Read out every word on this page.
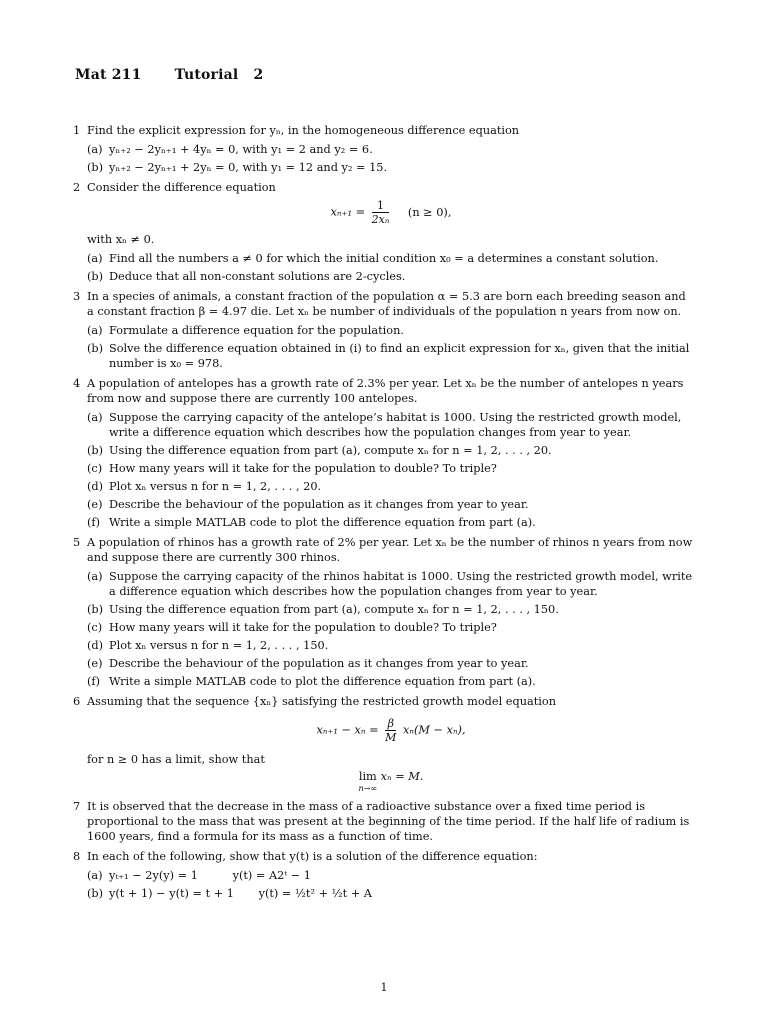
Mat 211 Tutorial 2
1 Find the explicit expression for yₙ, in the homogeneous difference equation
(a) yₙ₊₂ − 2yₙ₊₁ + 4yₙ = 0, with y₁ = 2 and y₂ = 6.
(b) yₙ₊₂ − 2yₙ₊₁ + 2yₙ = 0, with y₁ = 12 and y₂ = 15.
2 Consider the difference equation
$x_{n+1} = \frac{1}{\text{2xₙ}} (n \ge 0)$,
with xₙ ≠ 0.
(a) Find all the numbers a ≠ 0 for which the initial condition x₀ = a determines a constant solution.
(b) Deduce that all non-constant solutions are 2-cycles.
3 In a species of animals, a constant fraction of the population α = 5.3 are born each breeding season and a constant fraction β = 4.97 die. Let xₙ be number of individuals of the population n years from now on.
(a) Formulate a difference equation for the population.
(b) Solve the difference equation obtained in (i) to find an explicit expression for xₙ, given that the initial number is x₀ = 978.
4 A population of antelopes has a growth rate of 2.3% per year. Let xₙ be the number of antelopes n years from now and suppose there are currently 100 antelopes.
(a) Suppose the carrying capacity of the antelope’s habitat is 1000. Using the restricted growth model, write a difference equation which describes how the population changes from year to year.
(b) Using the difference equation from part (a), compute xₙ for n = 1, 2, . . . , 20.
(c) How many years will it take for the population to double? To triple?
(d) Plot xₙ versus n for n = 1, 2, . . . , 20.
(e) Describe the behaviour of the population as it changes from year to year.
(f) Write a simple MATLAB code to plot the difference equation from part (a).
5 A population of rhinos has a growth rate of 2% per year. Let xₙ be the number of rhinos n years from now and suppose there are currently 300 rhinos.
(a) Suppose the carrying capacity of the rhinos habitat is 1000. Using the restricted growth model, write a difference equation which describes how the population changes from year to year.
(b) Using the difference equation from part (a), compute xₙ for n = 1, 2, . . . , 150.
(c) How many years will it take for the population to double? To triple?
(d) Plot xₙ versus n for n = 1, 2, . . . , 150.
(e) Describe the behaviour of the population as it changes from year to year.
(f) Write a simple MATLAB code to plot the difference equation from part (a).
6 Assuming that the sequence {xₙ} satisfying the restricted growth model equation
$x_{n+1} - x_n = \frac{\beta}{M} x_n(M - x_n)$,
for n ≥ 0 has a limit, show that
lim
n→∞
xₙ = M.
7 It is observed that the decrease in the mass of a radioactive substance over a fixed time period is proportional to the mass that was present at the beginning of the time period. If the half life of radium is 1600 years, find a formula for its mass as a function of time.
8 In each of the following, show that y(t) is a solution of the difference equation:
(a) yₜ₊₁ − 2y(y) = 1	y(t) = A2ᵗ − 1
(b) y(t + 1) − y(t) = t + 1 y(t) = ½t² + ½t + A
1
